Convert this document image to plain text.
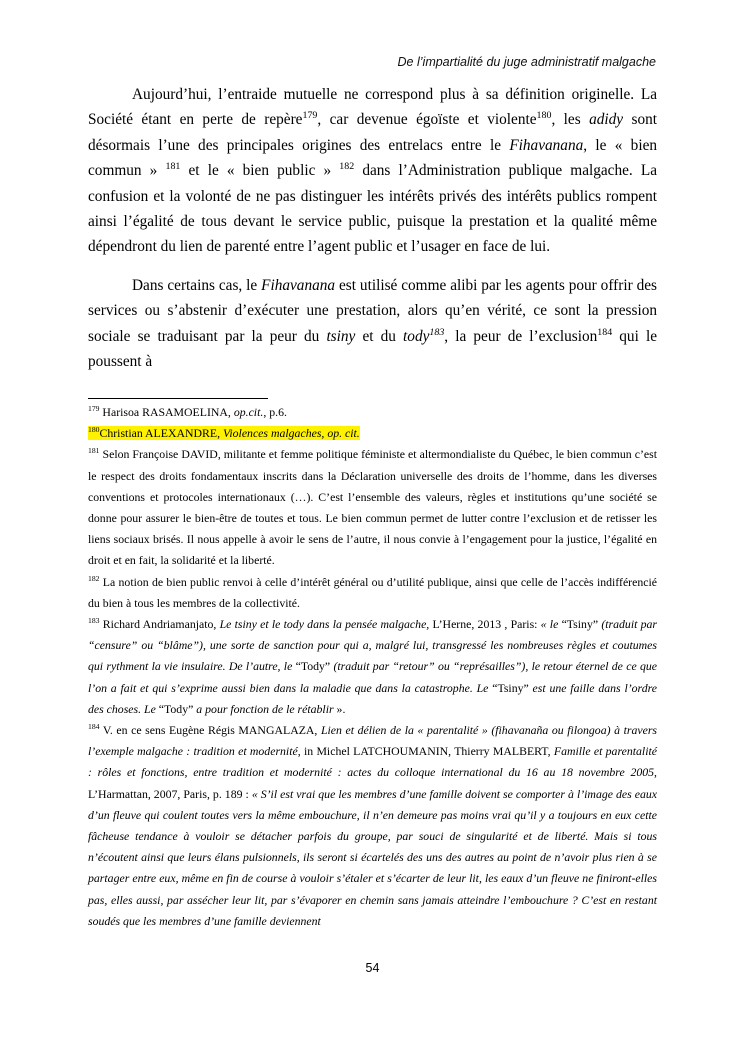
De l’impartialité du juge administratif malgache

Aujourd’hui, l’entraide mutuelle ne correspond plus à sa définition originelle. La Société étant en perte de repère$^{179}$, car devenue égoïste et violente$^{180}$, les adidy sont désormais l’une des principales origines des entrelacs entre le Fihavanana, le « bien commun » $^{181}$ et le « bien public » $^{182}$ dans l’Administration publique malgache. La confusion et la volonté de ne pas distinguer les intérêts privés des intérêts publics rompent ainsi l’égalité de tous devant le service public, puisque la prestation et la qualité même dépendront du lien de parenté entre l’agent public et l’usager en face de lui.

Dans certains cas, le Fihavanana est utilisé comme alibi par les agents pour offrir des services ou s’abstenir d’exécuter une prestation, alors qu’en vérité, ce sont la pression sociale se traduisant par la peur du tsiny et du tody$^{183}$, la peur de l’exclusion$^{184}$ qui le poussent à

$^{179}$ Harisoa RASAMOELINA, op.cit., p.6.

$^{180}$Christian ALEXANDRE, Violences malgaches, op. cit.

$^{181}$ Selon Françoise DAVID, militante et femme politique féministe et altermondialiste du Québec, le bien commun c’est le respect des droits fondamentaux inscrits dans la Déclaration universelle des droits de l’homme, dans les diverses conventions et protocoles internationaux (…). C’est l’ensemble des valeurs, règles et institutions qu’une société se donne pour assurer le bien-être de toutes et tous. Le bien commun permet de lutter contre l’exclusion et de retisser les liens sociaux brisés. Il nous appelle à avoir le sens de l’autre, il nous convie à l’engagement pour la justice, l’égalité en droit et en fait, la solidarité et la liberté.

$^{182}$ La notion de bien public renvoi à celle d’intérêt général ou d’utilité publique, ainsi que celle de l’accès indifférencié du bien à tous les membres de la collectivité.

$^{183}$ Richard Andriamanjato, Le tsiny et le tody dans la pensée malgache, L’Herne, 2013 , Paris: « le “Tsiny” (traduit par “censure” ou “blâme”), une sorte de sanction pour qui a, malgré lui, transgressé les nombreuses règles et coutumes qui rythment la vie insulaire. De l’autre, le “Tody” (traduit par “retour” ou “représailles”), le retour éternel de ce que l’on a fait et qui s’exprime aussi bien dans la maladie que dans la catastrophe. Le “Tsiny” est une faille dans l’ordre des choses. Le “Tody” a pour fonction de le rétablir ».

$^{184}$ V. en ce sens Eugène Régis MANGALAZA, Lien et délien de la « parentalité » (fihavanaña ou filongoa) à travers l’exemple malgache : tradition et modernité, in Michel LATCHOUMANIN, Thierry MALBERT, Famille et parentalité : rôles et fonctions, entre tradition et modernité : actes du colloque international du 16 au 18 novembre 2005, L’Harmattan, 2007, Paris, p. 189 : « S’il est vrai que les membres d’une famille doivent se comporter à l’image des eaux d’un fleuve qui coulent toutes vers la même embouchure, il n’en demeure pas moins vrai qu’il y a toujours en eux cette fâcheuse tendance à vouloir se détacher parfois du groupe, par souci de singularité et de liberté. Mais si tous n’écoutent ainsi que leurs élans pulsionnels, ils seront si écartelés des uns des autres au point de n’avoir plus rien à se partager entre eux, même en fin de course à vouloir s’étaler et s’écarter de leur lit, les eaux d’un fleuve ne finiront-elles pas, elles aussi, par assécher leur lit, par s’évaporer en chemin sans jamais atteindre l’embouchure ? C’est en restant soudés que les membres d’une famille deviennent

54
